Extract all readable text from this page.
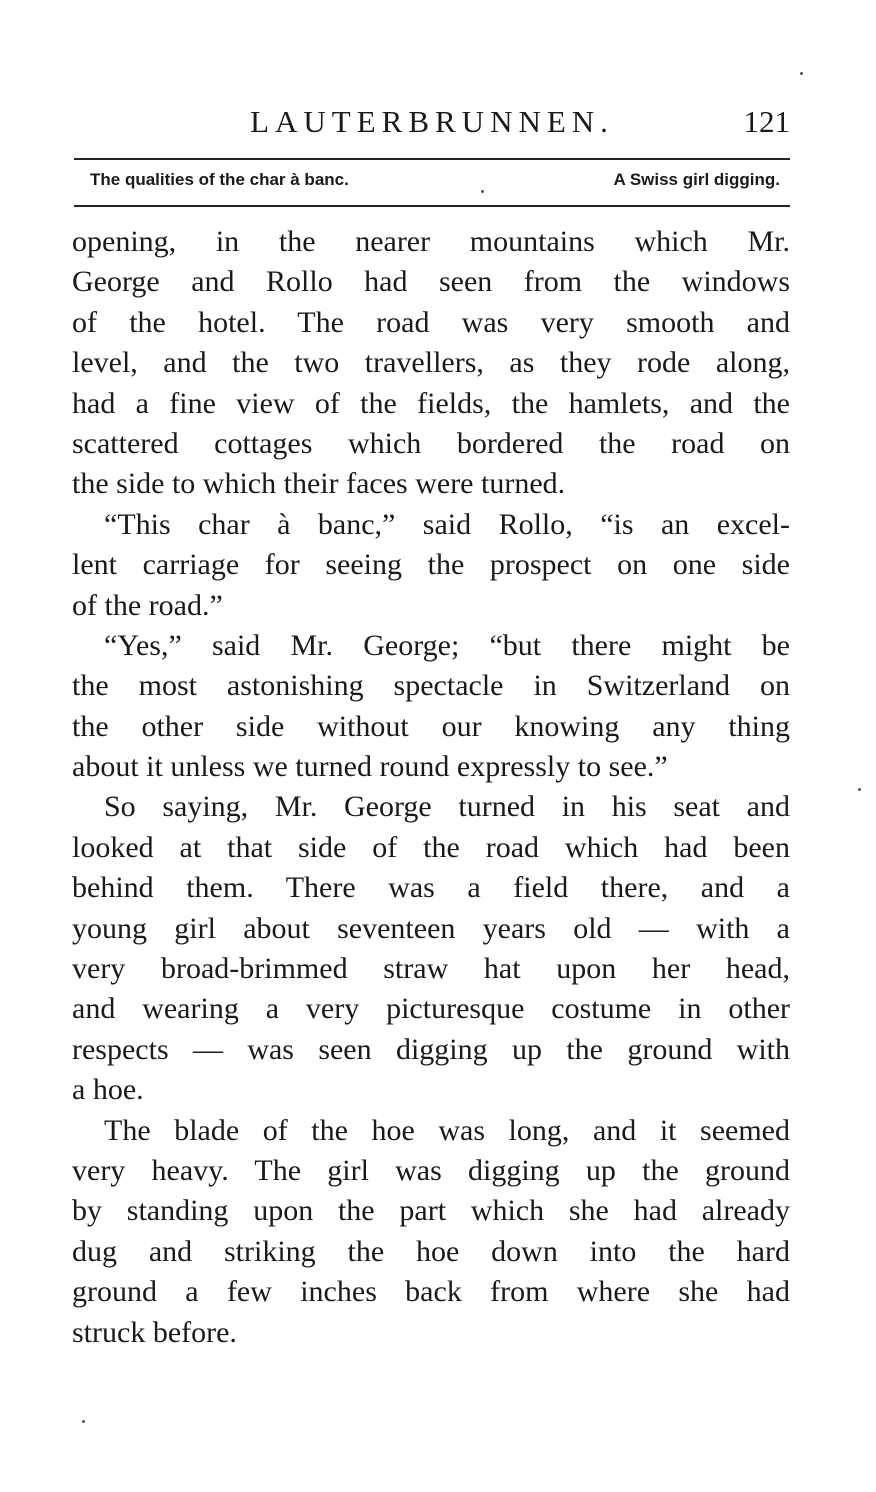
LAUTERBRUNNEN.	121
The qualities of the char à banc.	A Swiss girl digging.
opening, in the nearer mountains which Mr.
George and Rollo had seen from the windows
of the hotel. The road was very smooth and
level, and the two travellers, as they rode along,
had a fine view of the fields, the hamlets, and the
scattered cottages which bordered the road on
the side to which their faces were turned.
“This char à banc,” said Rollo, “is an excel-
lent carriage for seeing the prospect on one side
of the road.”
“Yes,” said Mr. George; “but there might be
the most astonishing spectacle in Switzerland on
the other side without our knowing any thing
about it unless we turned round expressly to see.”
So saying, Mr. George turned in his seat and
looked at that side of the road which had been
behind them. There was a field there, and a
young girl about seventeen years old — with a
very broad-brimmed straw hat upon her head,
and wearing a very picturesque costume in other
respects — was seen digging up the ground with
a hoe.
The blade of the hoe was long, and it seemed
very heavy. The girl was digging up the ground
by standing upon the part which she had already
dug and striking the hoe down into the hard
ground a few inches back from where she had
struck before.
